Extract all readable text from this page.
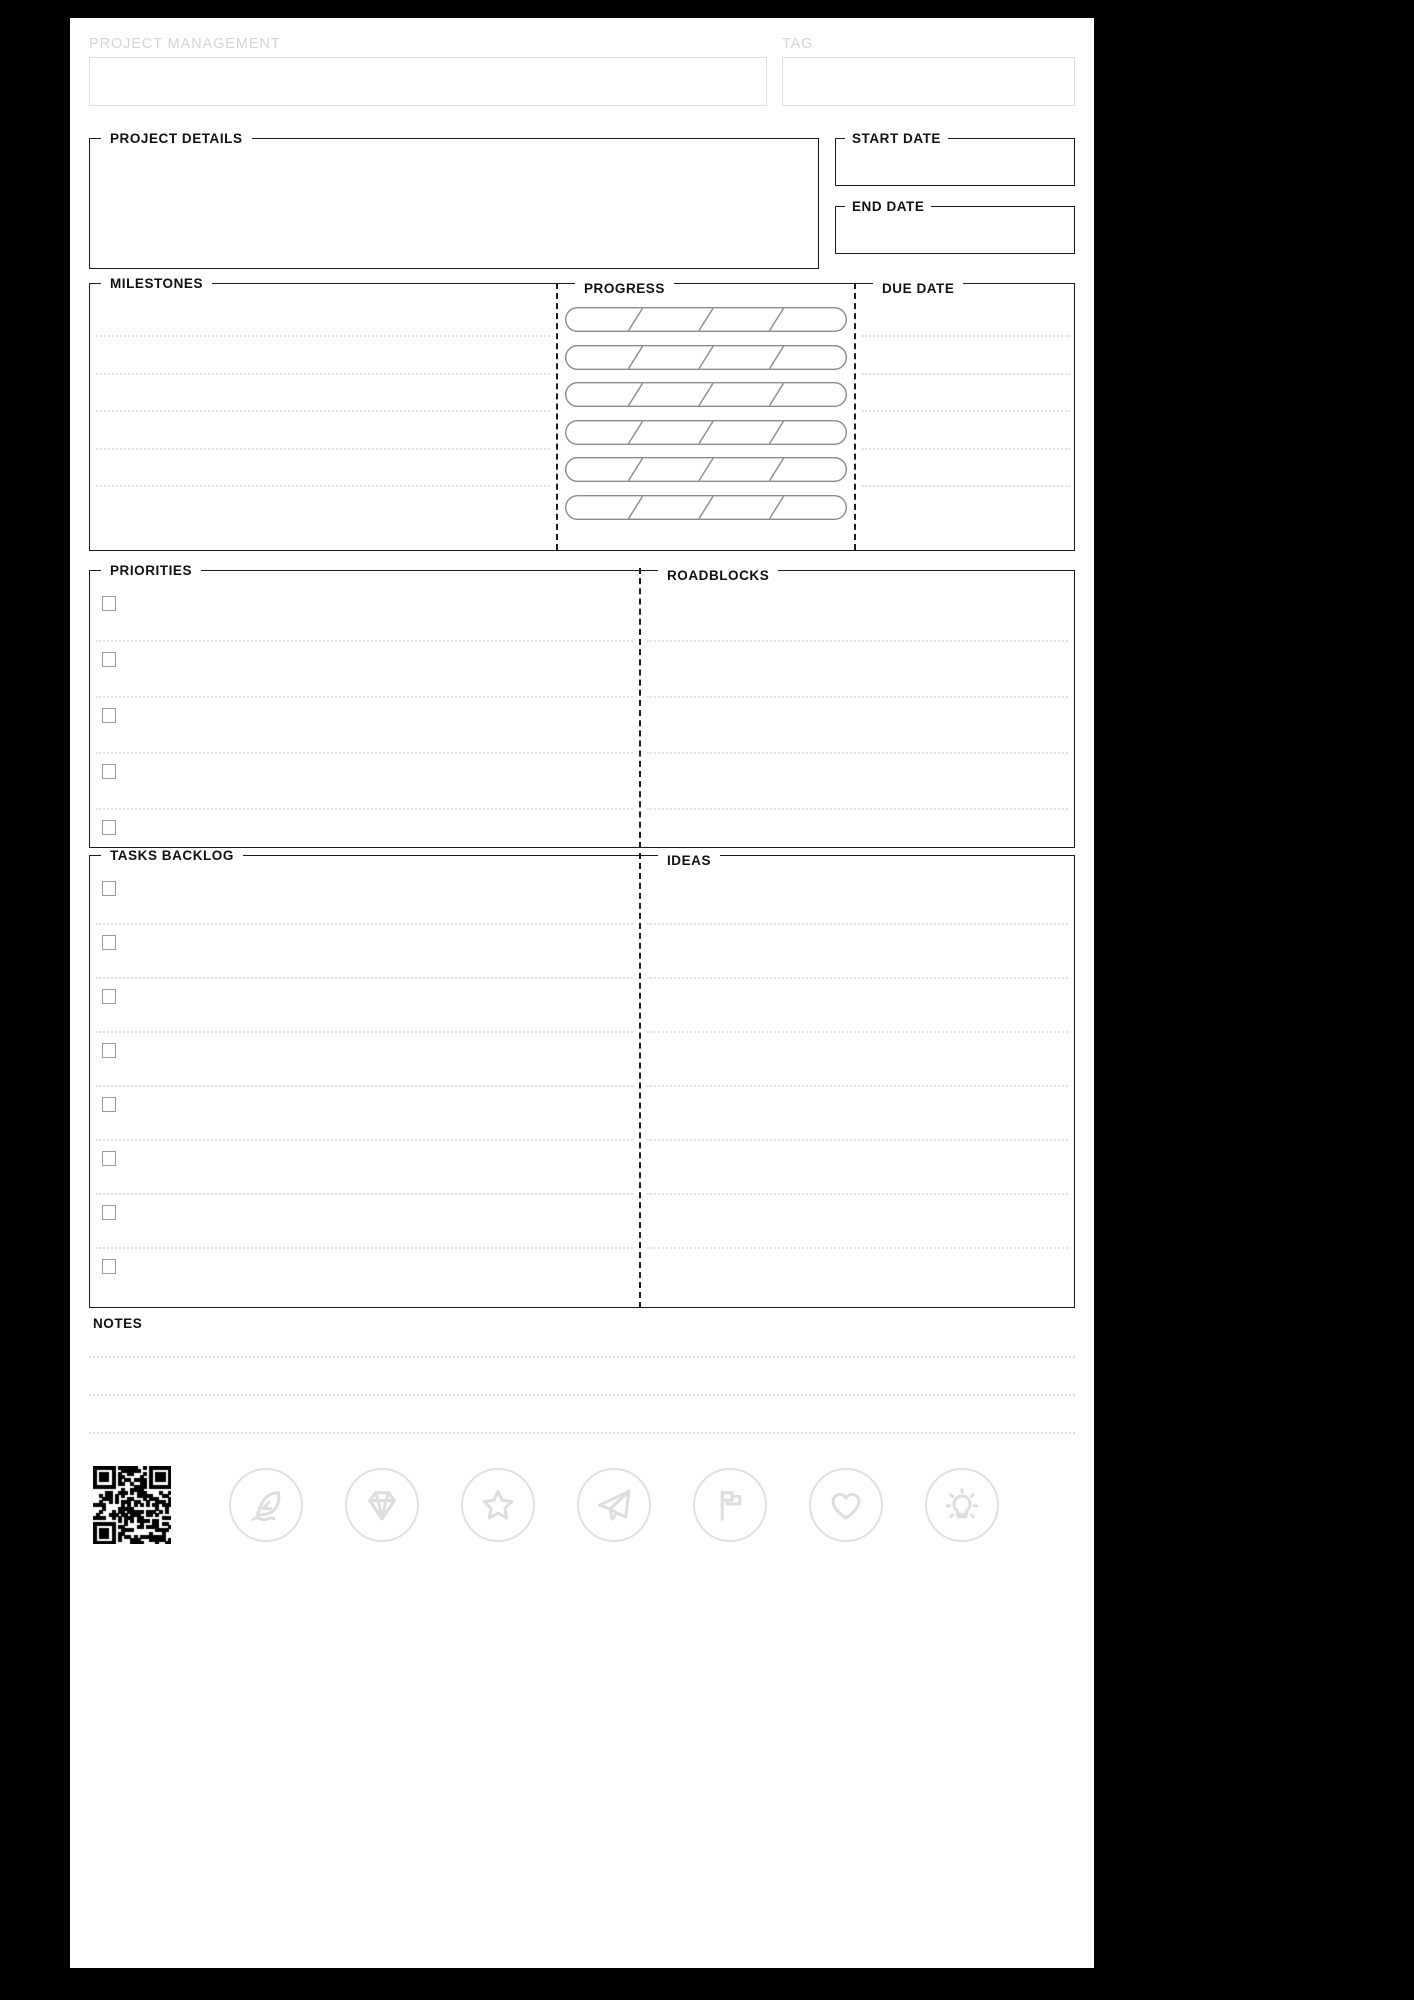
PROJECT MANAGEMENT	TAG
PROJECT DETAILS	START DATE
END DATE
MILESTONES	PROGRESS	DUE DATE
PRIORITIES	ROADBLOCKS
TASKS BACKLOG	IDEAS
NOTES
